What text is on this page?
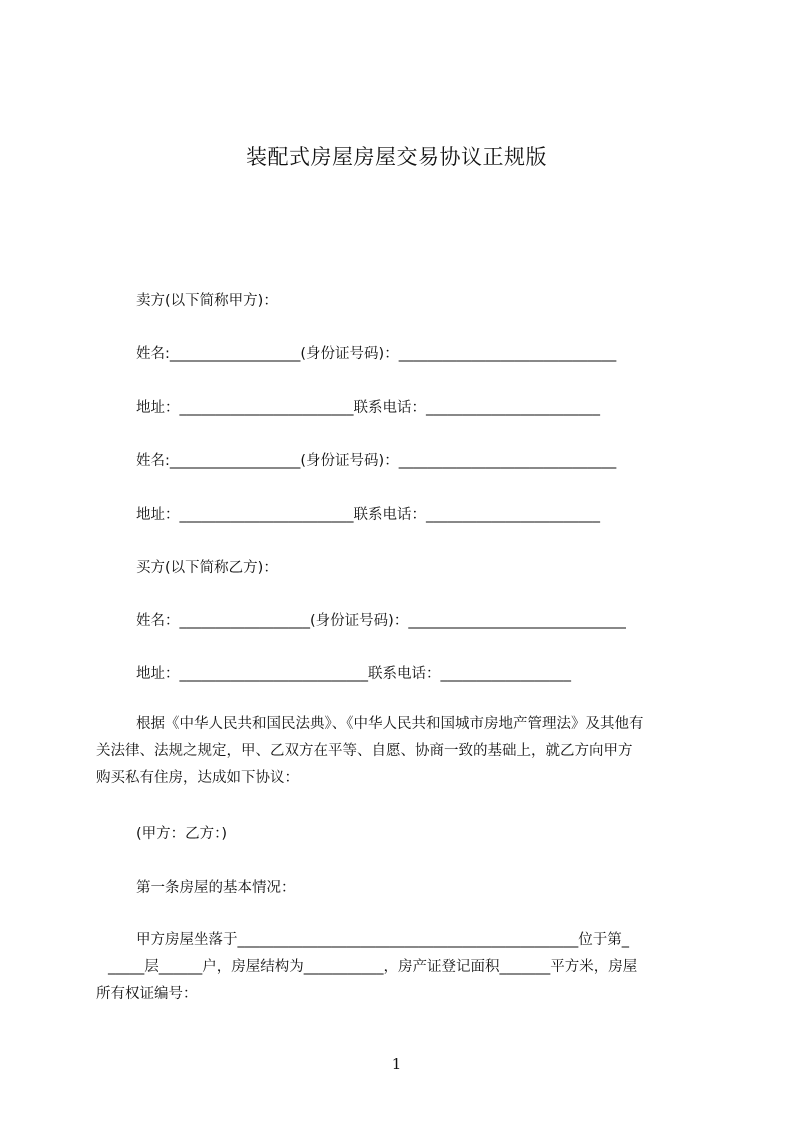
装配式房屋房屋交易协议正规版
卖方(以下简称甲方)：
姓名:__________________(身份证号码)：______________________________
地址：________________________联系电话：________________________
姓名:__________________(身份证号码)：______________________________
地址：________________________联系电话：________________________
买方(以下简称乙方)：
姓名：__________________(身份证号码)：______________________________
地址：__________________________联系电话：__________________
根据《中华人民共和国民法典》、《中华人民共和国城市房地产管理法》及其他有
关法律、法规之规定，甲、乙双方在平等、自愿、协商一致的基础上，就乙方向甲方
购买私有住房，达成如下协议：
(甲方：乙方：)
第一条房屋的基本情况：
甲方房屋坐落于_______________________________________________位于第_
_____层______户，房屋结构为___________，房产证登记面积_______平方米，房屋
所有权证编号：
1
